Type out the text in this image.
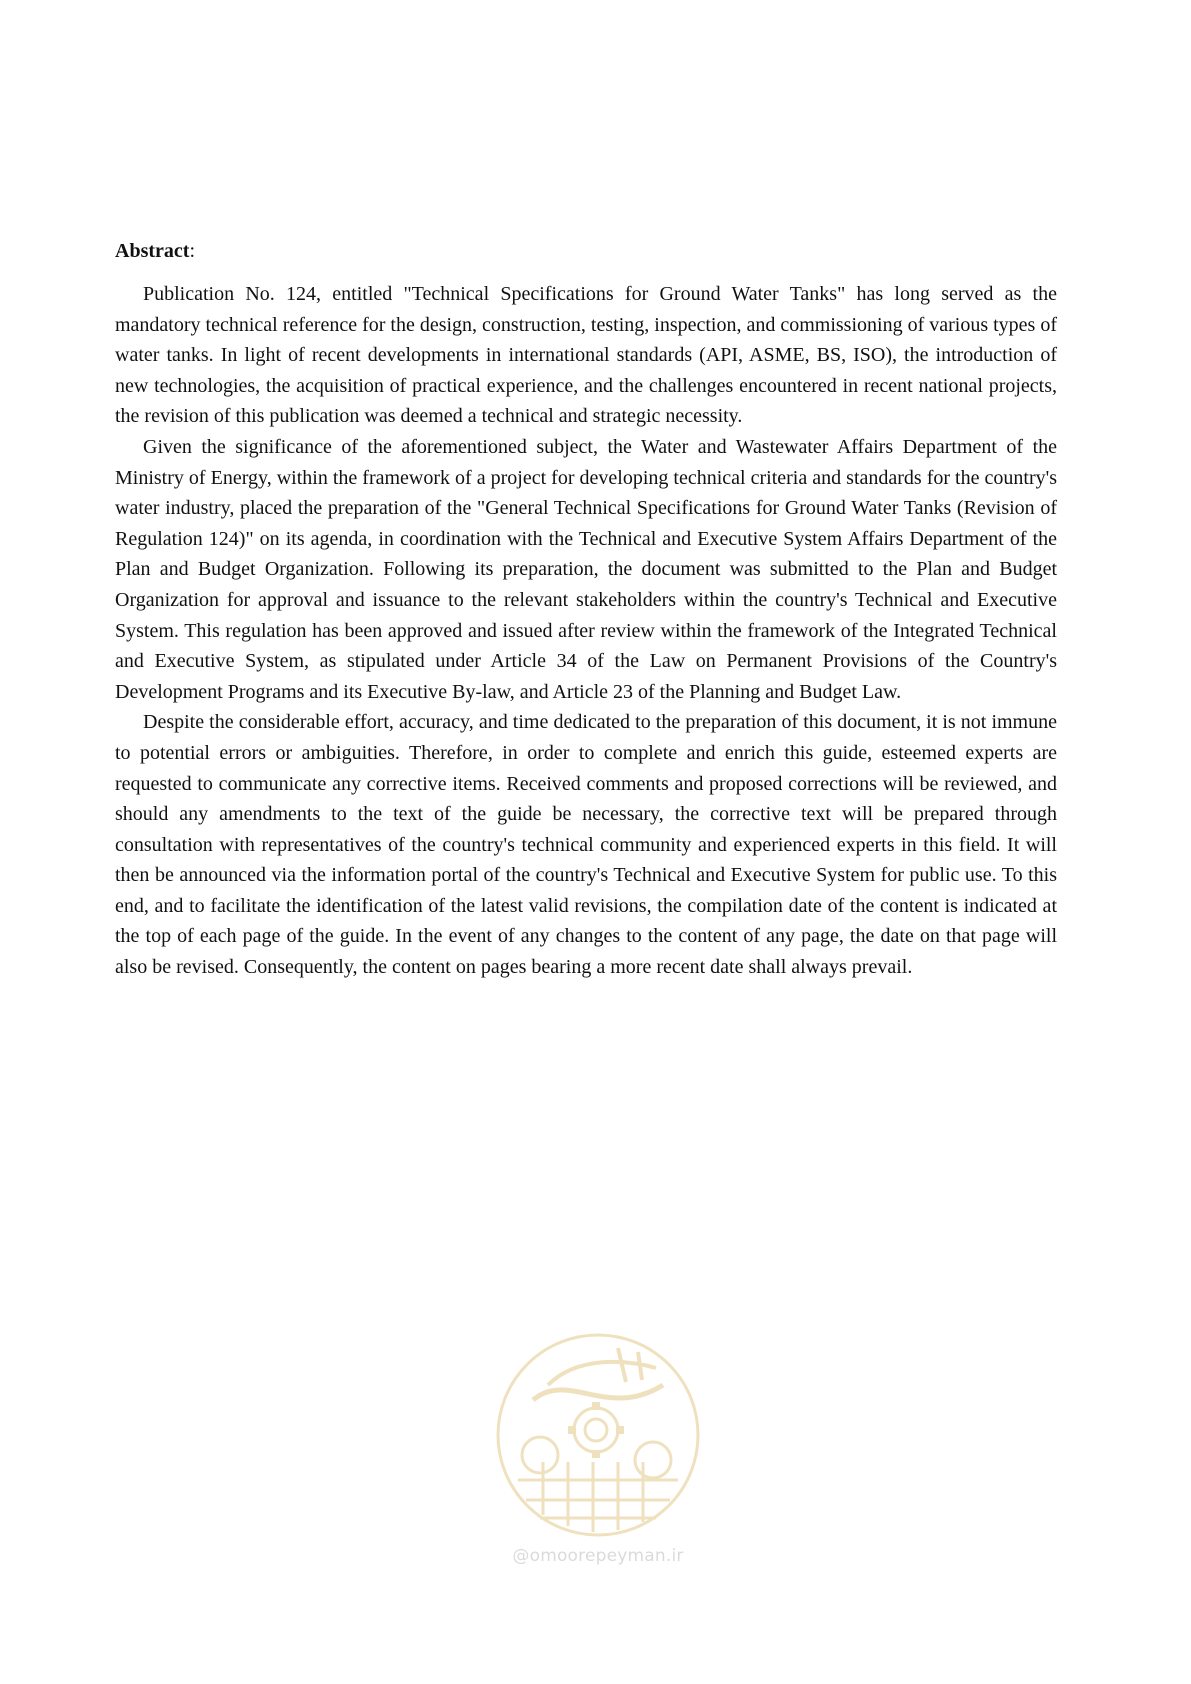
Abstract:

Publication No. 124, entitled "Technical Specifications for Ground Water Tanks" has long served as the mandatory technical reference for the design, construction, testing, inspection, and commissioning of various types of water tanks. In light of recent developments in international standards (API, ASME, BS, ISO), the introduction of new technologies, the acquisition of practical experience, and the challenges encountered in recent national projects, the revision of this publication was deemed a technical and strategic necessity.

Given the significance of the aforementioned subject, the Water and Wastewater Affairs Department of the Ministry of Energy, within the framework of a project for developing technical criteria and standards for the country's water industry, placed the preparation of the "General Technical Specifications for Ground Water Tanks (Revision of Regulation 124)" on its agenda, in coordination with the Technical and Executive System Affairs Department of the Plan and Budget Organization. Following its preparation, the document was submitted to the Plan and Budget Organization for approval and issuance to the relevant stakeholders within the country's Technical and Executive System. This regulation has been approved and issued after review within the framework of the Integrated Technical and Executive System, as stipulated under Article 34 of the Law on Permanent Provisions of the Country's Development Programs and its Executive By-law, and Article 23 of the Planning and Budget Law.

Despite the considerable effort, accuracy, and time dedicated to the preparation of this document, it is not immune to potential errors or ambiguities. Therefore, in order to complete and enrich this guide, esteemed experts are requested to communicate any corrective items. Received comments and proposed corrections will be reviewed, and should any amendments to the text of the guide be necessary, the corrective text will be prepared through consultation with representatives of the country's technical community and experienced experts in this field. It will then be announced via the information portal of the country's Technical and Executive System for public use. To this end, and to facilitate the identification of the latest valid revisions, the compilation date of the content is indicated at the top of each page of the guide. In the event of any changes to the content of any page, the date on that page will also be revised. Consequently, the content on pages bearing a more recent date shall always prevail.

@omoorepeyman.ir
